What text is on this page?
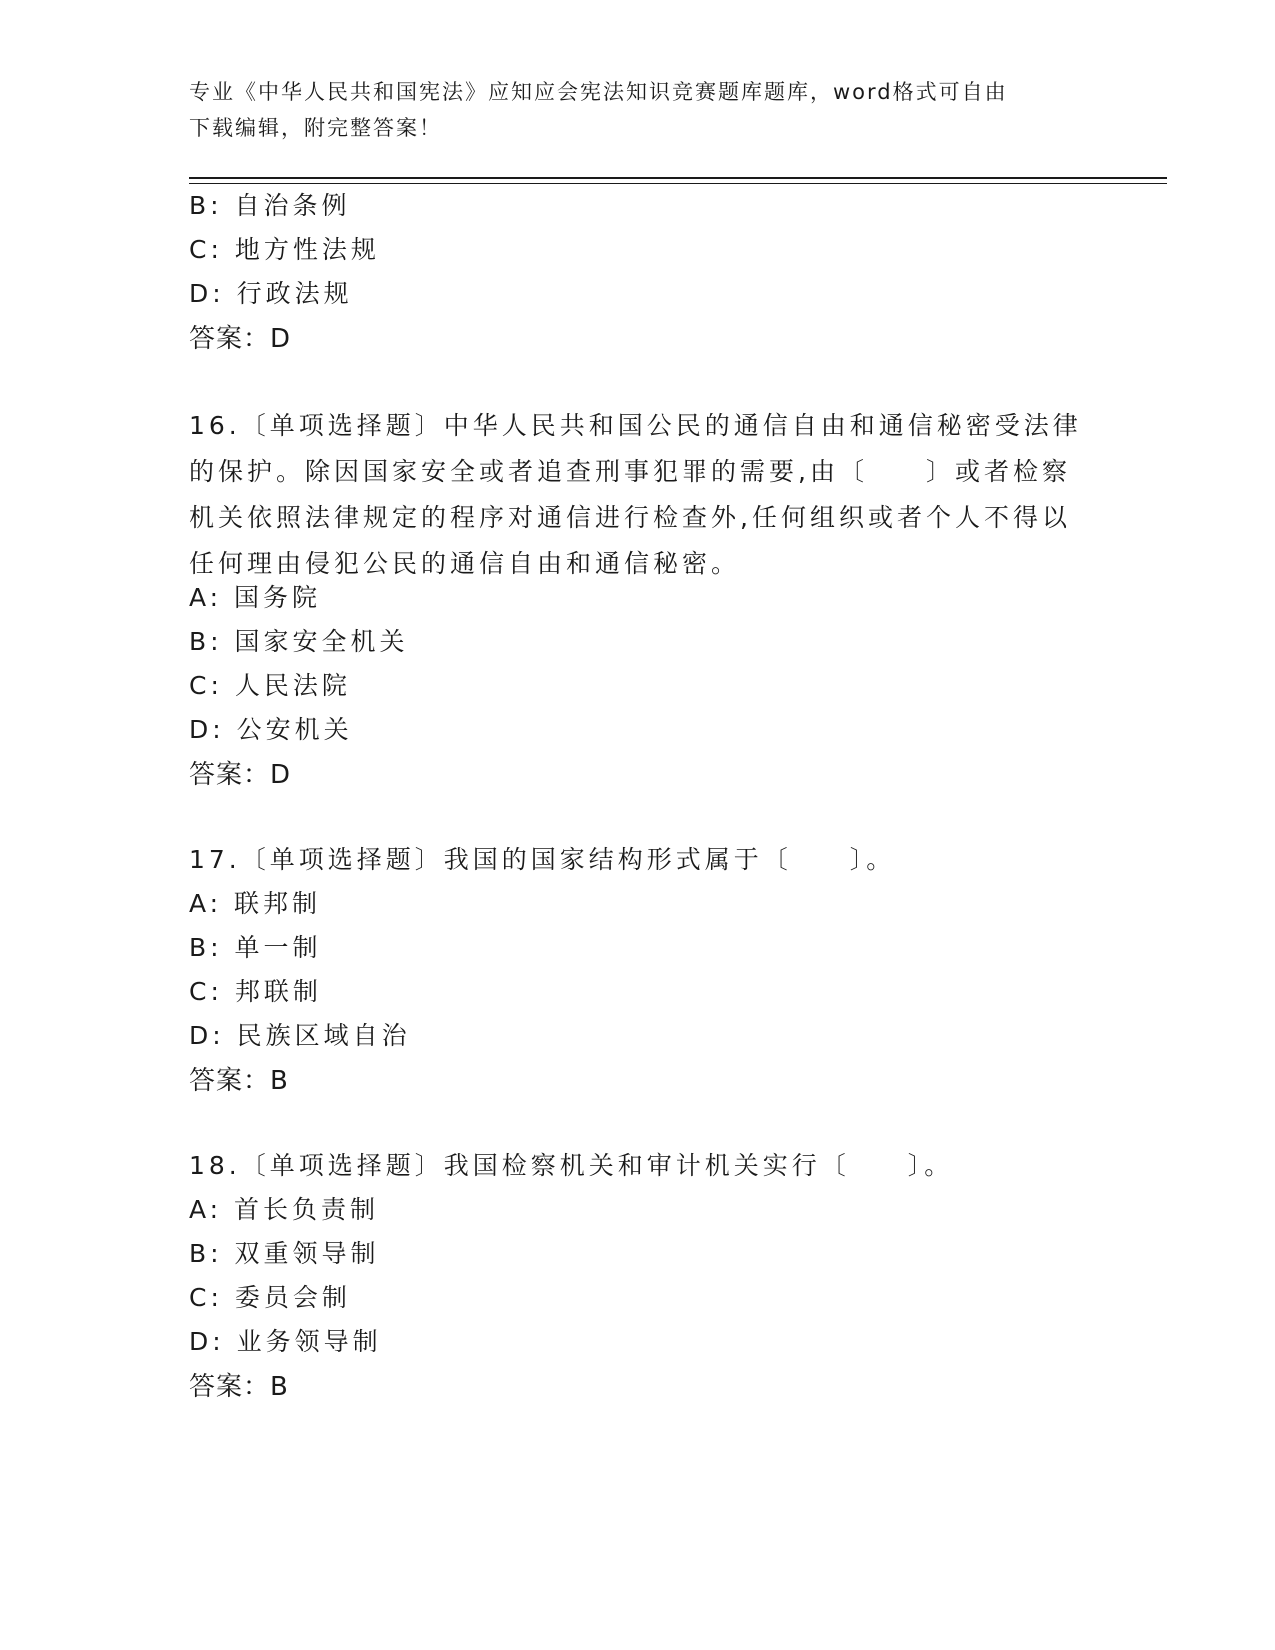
专业《中华人民共和国宪法》应知应会宪法知识竞赛题库题库，word格式可自由
下载编辑，附完整答案！
B: 自治条例
C: 地方性法规
D: 行政法规
答案：D
16.〔单项选择题〕中华人民共和国公民的通信自由和通信秘密受法律
的保护。除因国家安全或者追查刑事犯罪的需要,由〔　　〕或者检察
机关依照法律规定的程序对通信进行检查外,任何组织或者个人不得以
任何理由侵犯公民的通信自由和通信秘密。
A: 国务院
B: 国家安全机关
C: 人民法院
D: 公安机关
答案：D
17.〔单项选择题〕我国的国家结构形式属于〔　　〕。
A: 联邦制
B: 单一制
C: 邦联制
D: 民族区域自治
答案：B
18.〔单项选择题〕我国检察机关和审计机关实行〔　　〕。
A: 首长负责制
B: 双重领导制
C: 委员会制
D: 业务领导制
答案：B
